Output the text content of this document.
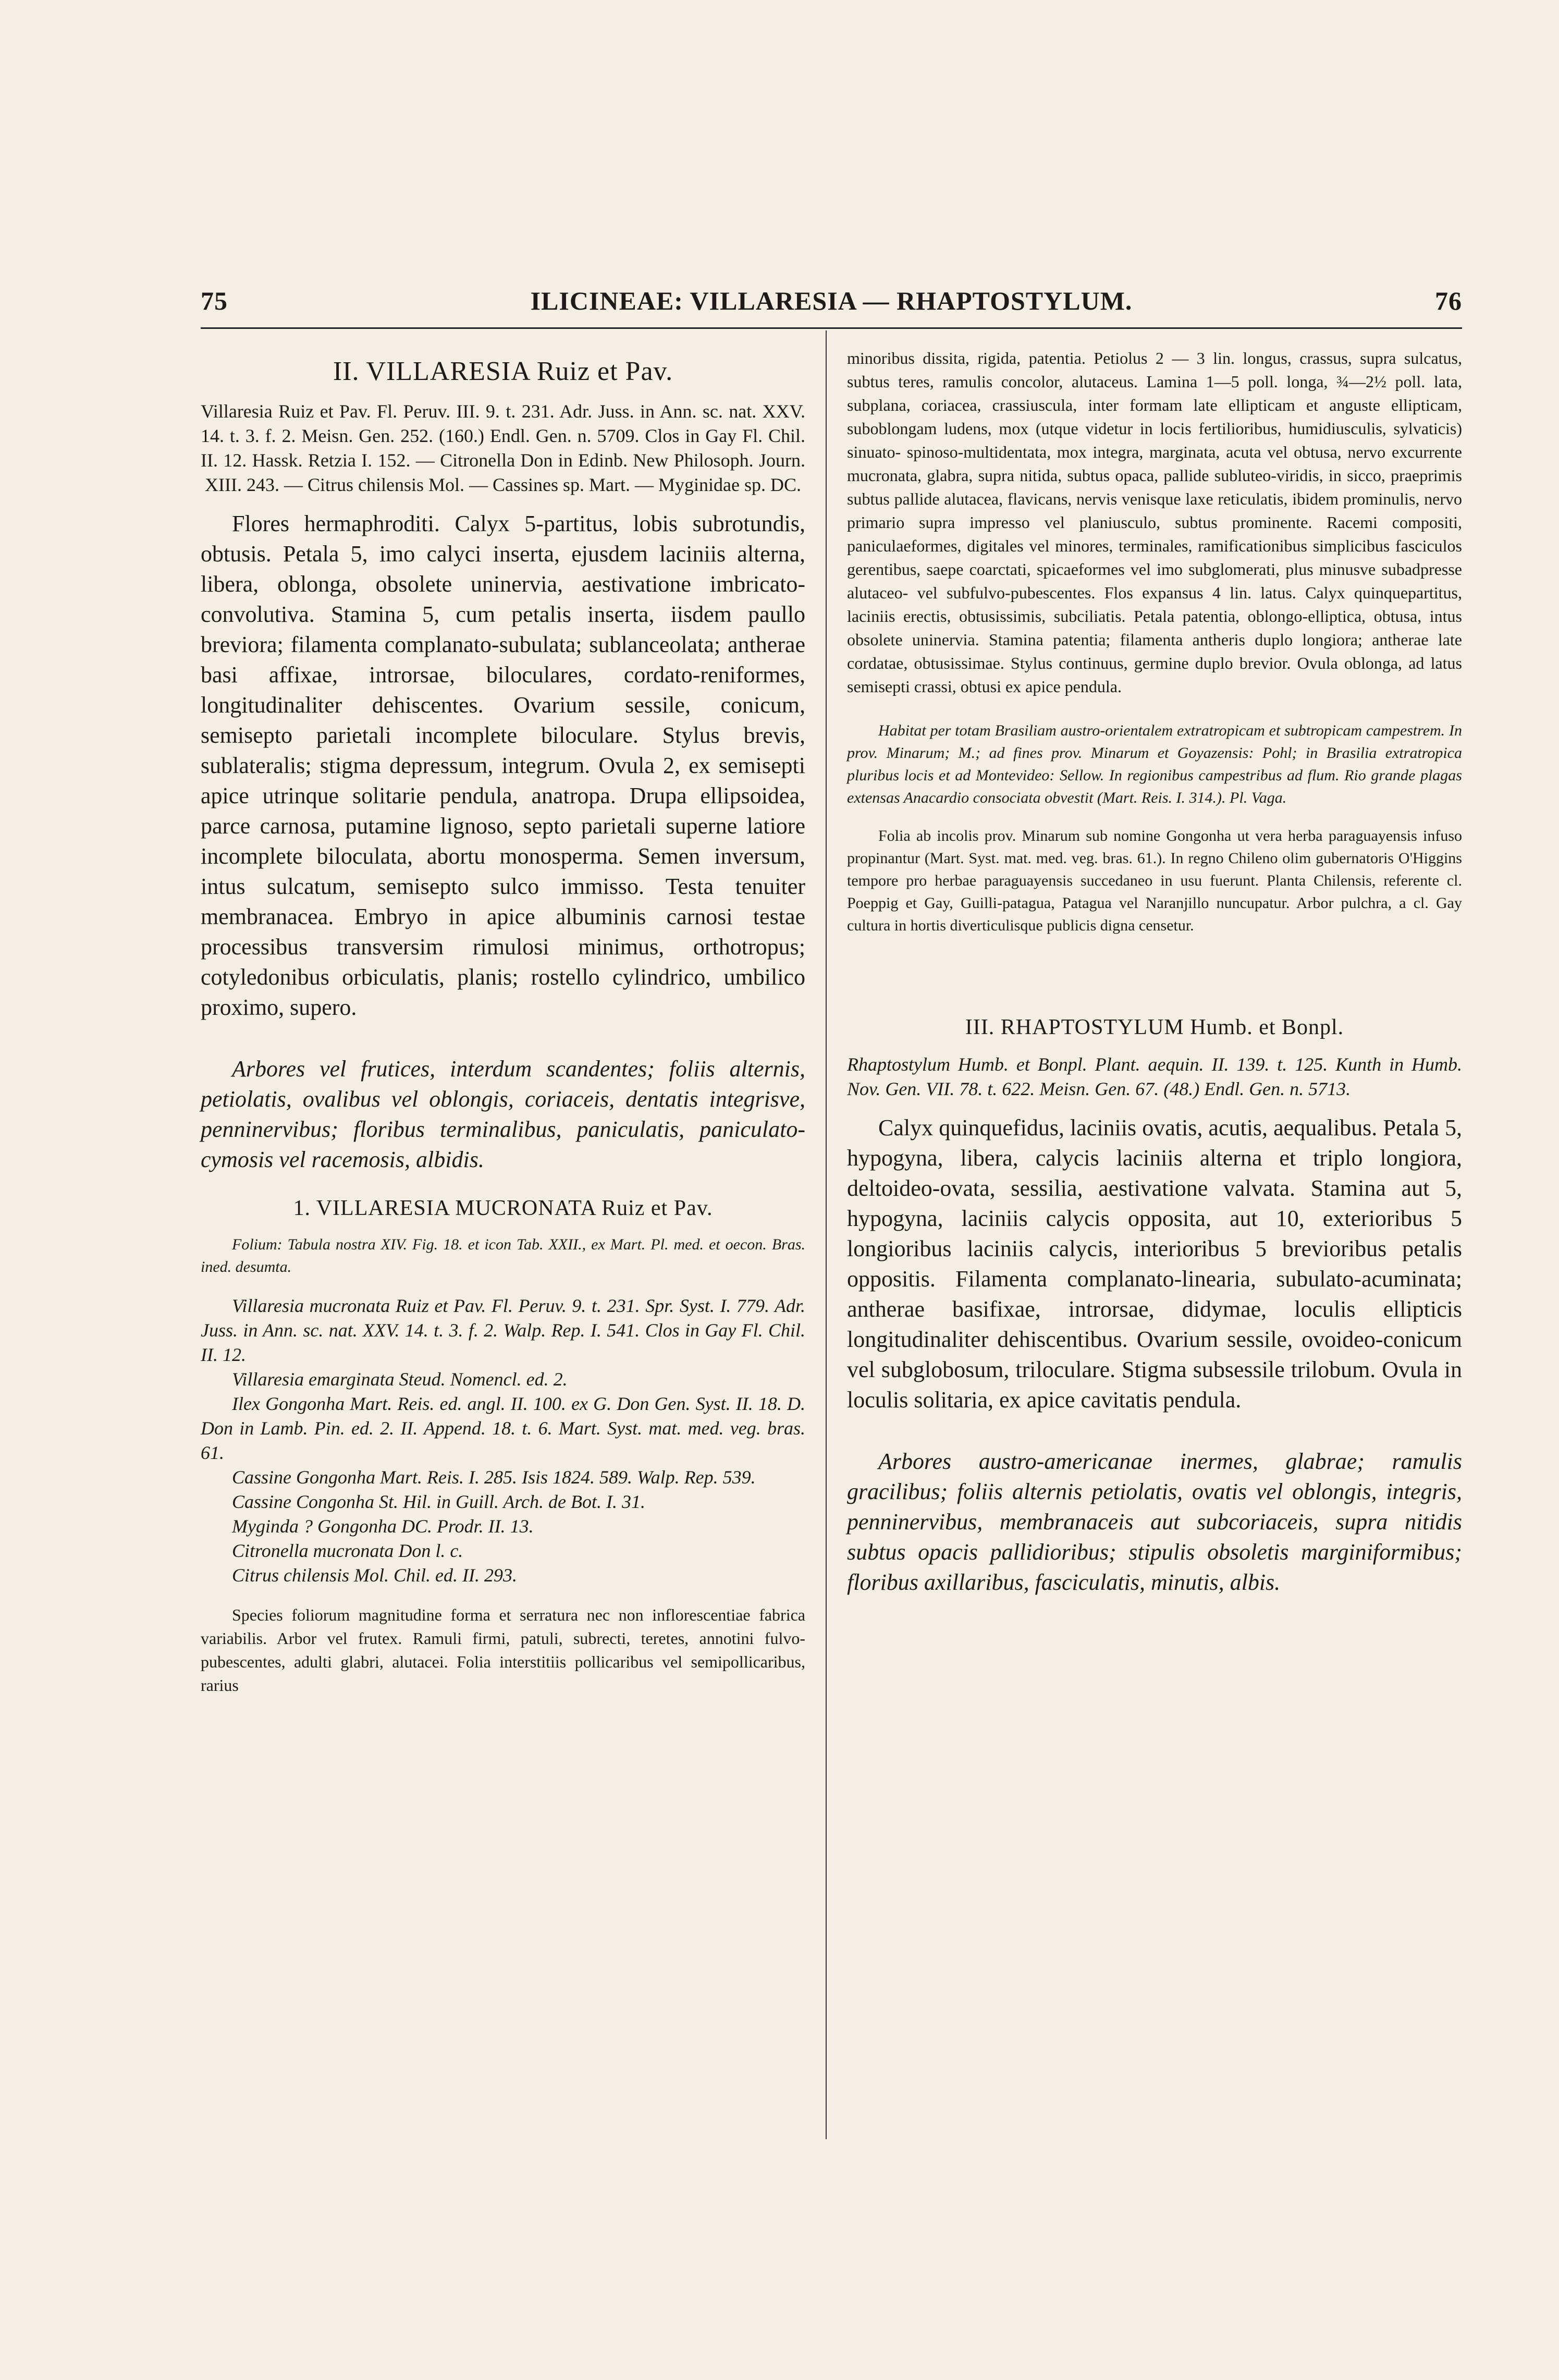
75	ILICINEAE: VILLARESIA — RHAPTOSTYLUM.	76
II. VILLARESIA Ruiz et Pav.

Villaresia Ruiz et Pav. Fl. Peruv. III. 9. t. 231. Adr. Juss. in Ann. sc. nat. XXV. 14. t. 3. f. 2. Meisn. Gen. 252. (160.) Endl. Gen. n. 5709. Clos in Gay Fl. Chil. II. 12. Hassk. Retzia I. 152. — Citronella Don in Edinb. New Philosoph. Journ. XIII. 243. — Citrus chilensis Mol. — Cassines sp. Mart. — Myginidae sp. DC.

Flores hermaphroditi. Calyx 5-partitus, lobis subrotundis, obtusis. Petala 5, imo calyci inserta, ejusdem laciniis alterna, libera, oblonga, obsolete uninervia, aestivatione imbricato-convolutiva. Stamina 5, cum petalis inserta, iisdem paullo breviora; filamenta complanato-subulata; sublanceolata; antherae basi affixae, introrsae, biloculares, cordato-reniformes, longitudinaliter dehiscentes. Ovarium sessile, conicum, semisepto parietali incomplete biloculare. Stylus brevis, sublateralis; stigma depressum, integrum. Ovula 2, ex semisepti apice utrinque solitarie pendula, anatropa. Drupa ellipsoidea, parce carnosa, putamine lignoso, septo parietali superne latiore incomplete biloculata, abortu monosperma. Semen inversum, intus sulcatum, semisepto sulco immisso. Testa tenuiter membranacea. Embryo in apice albuminis carnosi testae processibus transversim rimulosi minimus, orthotropus; cotyledonibus orbiculatis, planis; rostello cylindrico, umbilico proximo, supero.

Arbores vel frutices, interdum scandentes; foliis alternis, petiolatis, ovalibus vel oblongis, coriaceis, dentatis integrisve, penninervibus; floribus terminalibus, paniculatis, paniculato-cymosis vel racemosis, albidis.

1. VILLARESIA MUCRONATA Ruiz et Pav.

Folium: Tabula nostra XIV. Fig. 18. et icon Tab. XXII., ex Mart. Pl. med. et oecon. Bras. ined. desumta.

Villaresia mucronata Ruiz et Pav. Fl. Peruv. 9. t. 231. Spr. Syst. I. 779. Adr. Juss. in Ann. sc. nat. XXV. 14. t. 3. f. 2. Walp. Rep. I. 541. Clos in Gay Fl. Chil. II. 12.

Villaresia emarginata Steud. Nomencl. ed. 2.

Ilex Gongonha Mart. Reis. ed. angl. II. 100. ex G. Don Gen. Syst. II. 18. D. Don in Lamb. Pin. ed. 2. II. Append. 18. t. 6. Mart. Syst. mat. med. veg. bras. 61.

Cassine Gongonha Mart. Reis. I. 285. Isis 1824. 589. Walp. Rep. 539.

Cassine Congonha St. Hil. in Guill. Arch. de Bot. I. 31.

Myginda ? Gongonha DC. Prodr. II. 13.

Citronella mucronata Don l. c.

Citrus chilensis Mol. Chil. ed. II. 293.

Species foliorum magnitudine forma et serratura nec non inflorescentiae fabrica variabilis. Arbor vel frutex. Ramuli firmi, patuli, subrecti, teretes, annotini fulvo-pubescentes, adulti glabri, alutacei. Folia interstitiis pollicaribus vel semipollicaribus, rarius

minoribus dissita, rigida, patentia. Petiolus 2 — 3 lin. longus, crassus, supra sulcatus, subtus teres, ramulis concolor, alutaceus. Lamina 1—5 poll. longa, ¾—2½ poll. lata, subplana, coriacea, crassiuscula, inter formam late ellipticam et anguste ellipticam, suboblongam ludens, mox (utque videtur in locis fertilioribus, humidiusculis, sylvaticis) sinuato- spinoso-multidentata, mox integra, marginata, acuta vel obtusa, nervo excurrente mucronata, glabra, supra nitida, subtus opaca, pallide subluteo-viridis, in sicco, praeprimis subtus pallide alutacea, flavicans, nervis venisque laxe reticulatis, ibidem prominulis, nervo primario supra impresso vel planiusculo, subtus prominente. Racemi compositi, paniculaeformes, digitales vel minores, terminales, ramificationibus simplicibus fasciculos gerentibus, saepe coarctati, spicaeformes vel imo subglomerati, plus minusve subadpresse alutaceo- vel subfulvo-pubescentes. Flos expansus 4 lin. latus. Calyx quinquepartitus, laciniis erectis, obtusissimis, subciliatis. Petala patentia, oblongo-elliptica, obtusa, intus obsolete uninervia. Stamina patentia; filamenta antheris duplo longiora; antherae late cordatae, obtusissimae. Stylus continuus, germine duplo brevior. Ovula oblonga, ad latus semisepti crassi, obtusi ex apice pendula.

Habitat per totam Brasiliam austro-orientalem extratropicam et subtropicam campestrem. In prov. Minarum; M.; ad fines prov. Minarum et Goyazensis: Pohl; in Brasilia extratropica pluribus locis et ad Montevideo: Sellow. In regionibus campestribus ad flum. Rio grande plagas extensas Anacardio consociata obvestit (Mart. Reis. I. 314.). Pl. Vaga.

Folia ab incolis prov. Minarum sub nomine Gongonha ut vera herba paraguayensis infuso propinantur (Mart. Syst. mat. med. veg. bras. 61.). In regno Chileno olim gubernatoris O'Higgins tempore pro herbae paraguayensis succedaneo in usu fuerunt. Planta Chilensis, referente cl. Poeppig et Gay, Guilli-patagua, Patagua vel Naranjillo nuncupatur. Arbor pulchra, a cl. Gay cultura in hortis diverticulisque publicis digna censetur.

III. RHAPTOSTYLUM Humb. et Bonpl.

Rhaptostylum Humb. et Bonpl. Plant. aequin. II. 139. t. 125. Kunth in Humb. Nov. Gen. VII. 78. t. 622. Meisn. Gen. 67. (48.) Endl. Gen. n. 5713.

Calyx quinquefidus, laciniis ovatis, acutis, aequalibus. Petala 5, hypogyna, libera, calycis laciniis alterna et triplo longiora, deltoideo-ovata, sessilia, aestivatione valvata. Stamina aut 5, hypogyna, laciniis calycis opposita, aut 10, exterioribus 5 longioribus laciniis calycis, interioribus 5 brevioribus petalis oppositis. Filamenta complanato-linearia, subulato-acuminata; antherae basifixae, introrsae, didymae, loculis ellipticis longitudinaliter dehiscentibus. Ovarium sessile, ovoideo-conicum vel subglobosum, triloculare. Stigma subsessile trilobum. Ovula in loculis solitaria, ex apice cavitatis pendula.

Arbores austro-americanae inermes, glabrae; ramulis gracilibus; foliis alternis petiolatis, ovatis vel oblongis, integris, penninervibus, membranaceis aut subcoriaceis, supra nitidis subtus opacis pallidioribus; stipulis obsoletis marginiformibus; floribus axillaribus, fasciculatis, minutis, albis.
